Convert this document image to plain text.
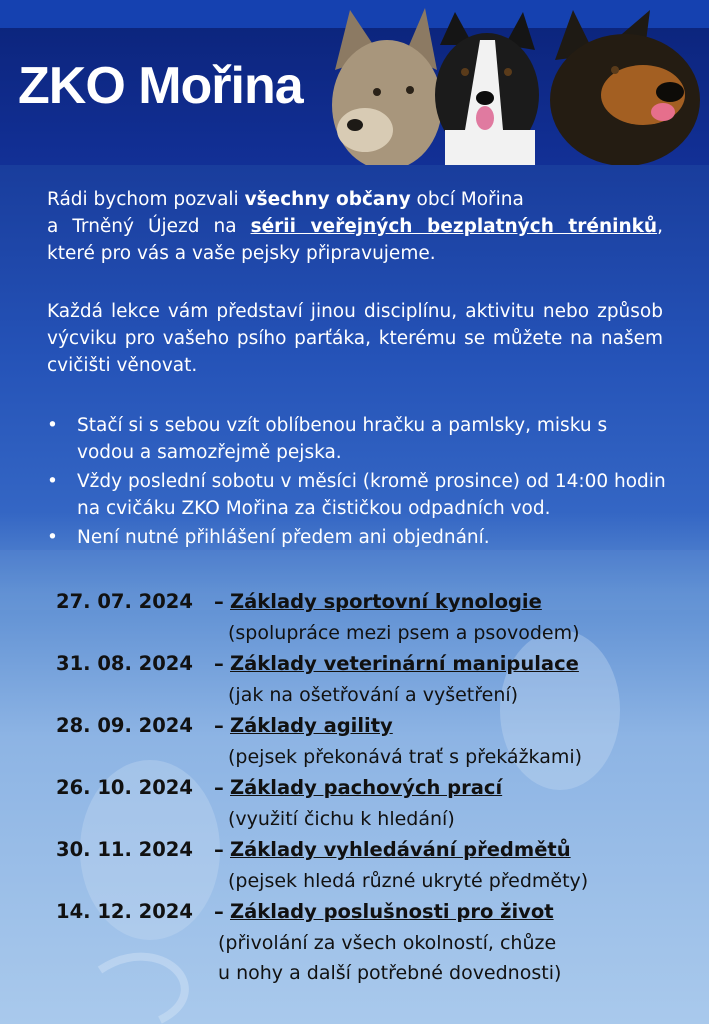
ZKO Mořina
Rádi bychom pozvali všechny občany obcí Mořina
a Trněný Újezd na sérii veřejných bezplatných tréninků,
které pro vás a vaše pejsky připravujeme.
Každá lekce vám představí jinou disciplínu, aktivitu nebo způsob výcviku pro vašeho psího parťáka, kterému se můžete na našem cvičišti věnovat.
• Stačí si s sebou vzít oblíbenou hračku a pamlsky, misku s vodou a samozřejmě pejska.
• Vždy poslední sobotu v měsíci (kromě prosince) od 14:00 hodin na cvičáku ZKO Mořina za čističkou odpadních vod.
• Není nutné přihlášení předem ani objednání.
27. 07. 2024 – Základy sportovní kynologie
(spolupráce mezi psem a psovodem)
31. 08. 2024 – Základy veterinární manipulace
(jak na ošetřování a vyšetření)
28. 09. 2024 – Základy agility
(pejsek překonává trať s překážkami)
26. 10. 2024 – Základy pachových prací
(využití čichu k hledání)
30. 11. 2024 – Základy vyhledávání předmětů
(pejsek hledá různé ukryté předměty)
14. 12. 2024 – Základy poslušnosti pro život
(přivolání za všech okolností, chůze
u nohy a další potřebné dovednosti)
